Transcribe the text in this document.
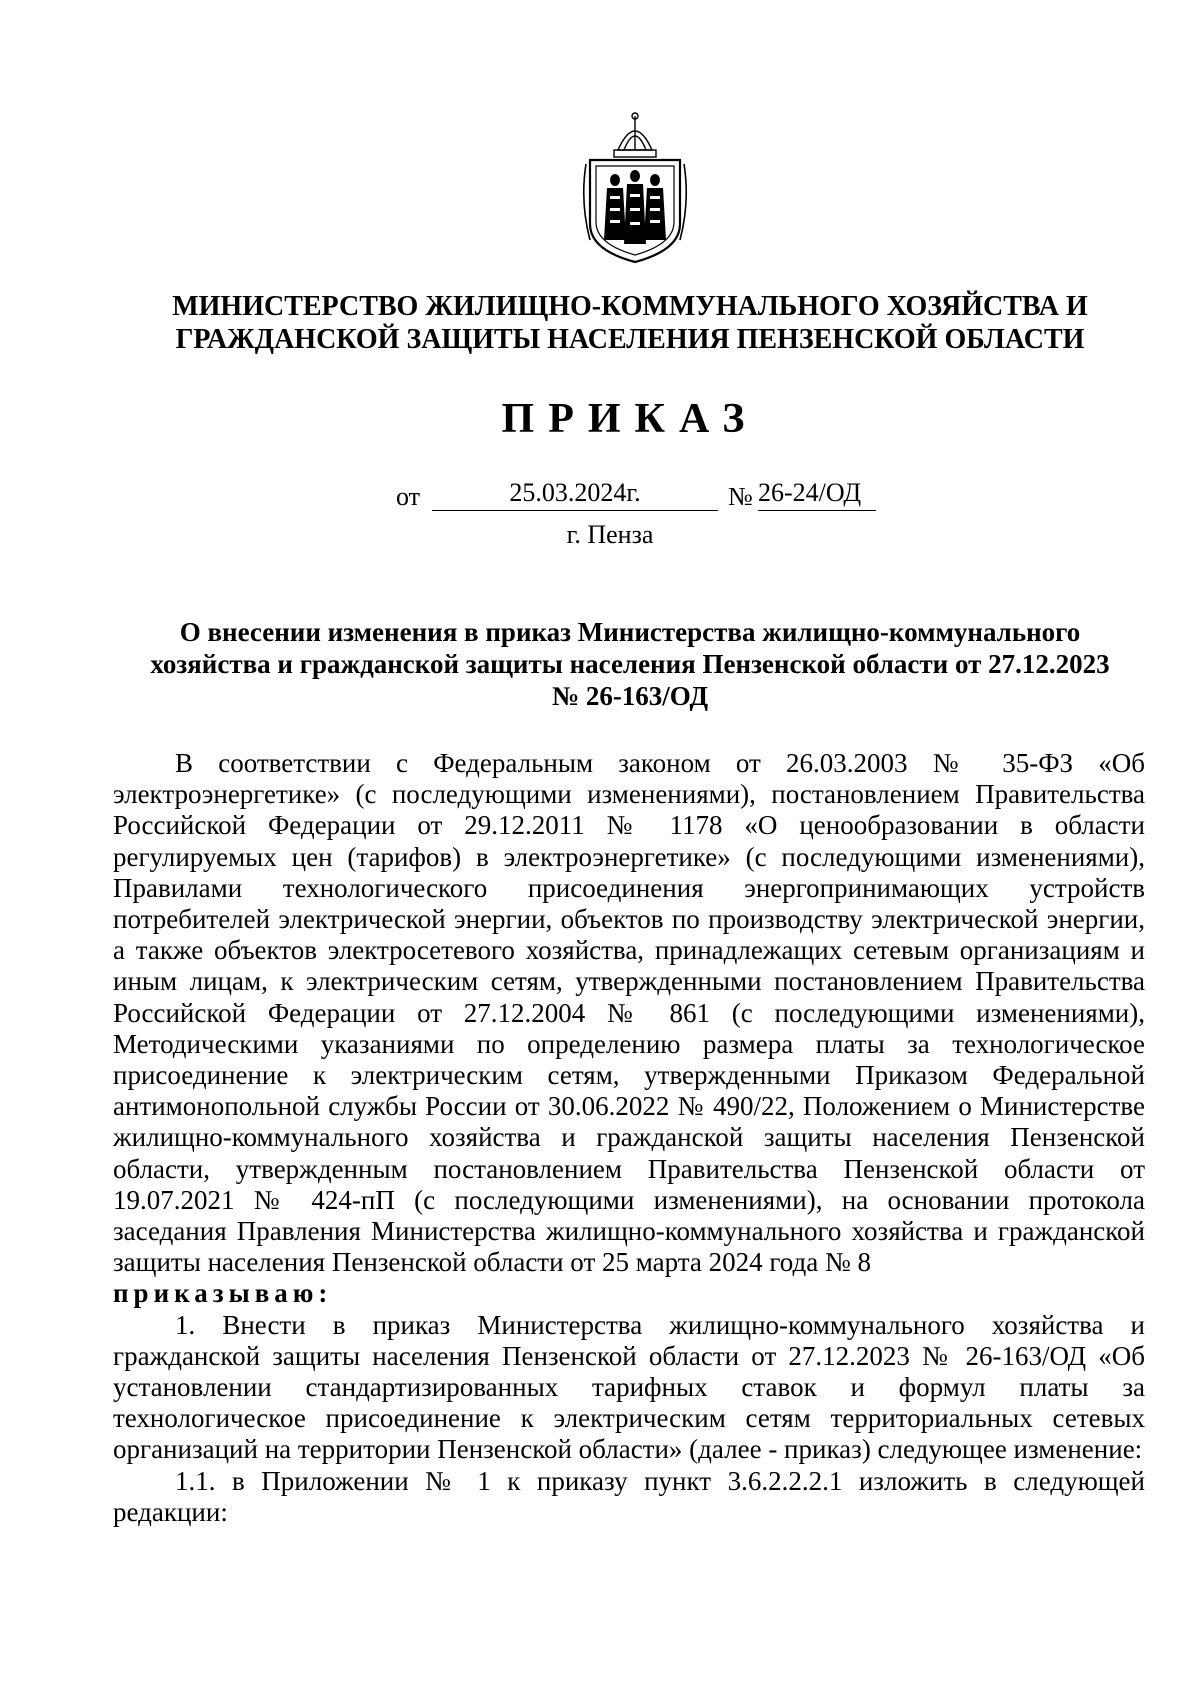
МИНИСТЕРСТВО ЖИЛИЩНО-КОММУНАЛЬНОГО ХОЗЯЙСТВА И
ГРАЖДАНСКОЙ ЗАЩИТЫ НАСЕЛЕНИЯ ПЕНЗЕНСКОЙ ОБЛАСТИ
ПРИКАЗ
от	25.03.2024г.	№ 26-24/ОД
г. Пенза
О внесении изменения в приказ Министерства жилищно-коммунального
хозяйства и гражданской защиты населения Пензенской области от 27.12.2023
№ 26-163/ОД

В соответствии с Федеральным законом от 26.03.2003 № 35-ФЗ «Об электроэнергетике» (с последующими изменениями), постановлением Правительства Российской Федерации от 29.12.2011 № 1178 «О ценообразовании в области регулируемых цен (тарифов) в электроэнергетике» (с последующими изменениями), Правилами технологического присоединения энергопринимающих устройств потребителей электрической энергии, объектов по производству электрической энергии, а также объектов электросетевого хозяйства, принадлежащих сетевым организациям и иным лицам, к электрическим сетям, утвержденными постановлением Правительства Российской Федерации от 27.12.2004 № 861 (с последующими изменениями), Методическими указаниями по определению размера платы за технологическое присоединение к электрическим сетям, утвержденными Приказом Федеральной антимонопольной службы России от 30.06.2022 № 490/22, Положением о Министерстве жилищно-коммунального хозяйства и гражданской защиты населения Пензенской области, утвержденным постановлением Правительства Пензенской области от 19.07.2021 № 424-пП (с последующими изменениями), на основании протокола заседания Правления Министерства жилищно-коммунального хозяйства и гражданской защиты населения Пензенской области от 25 марта 2024 года № 8

приказываю:

1. Внести в приказ Министерства жилищно-коммунального хозяйства и гражданской защиты населения Пензенской области от 27.12.2023 № 26-163/ОД «Об установлении стандартизированных тарифных ставок и формул платы за технологическое присоединение к электрическим сетям территориальных сетевых организаций на территории Пензенской области» (далее - приказ) следующее изменение:

1.1. в Приложении № 1 к приказу пункт 3.6.2.2.2.1 изложить в следующей редакции:
